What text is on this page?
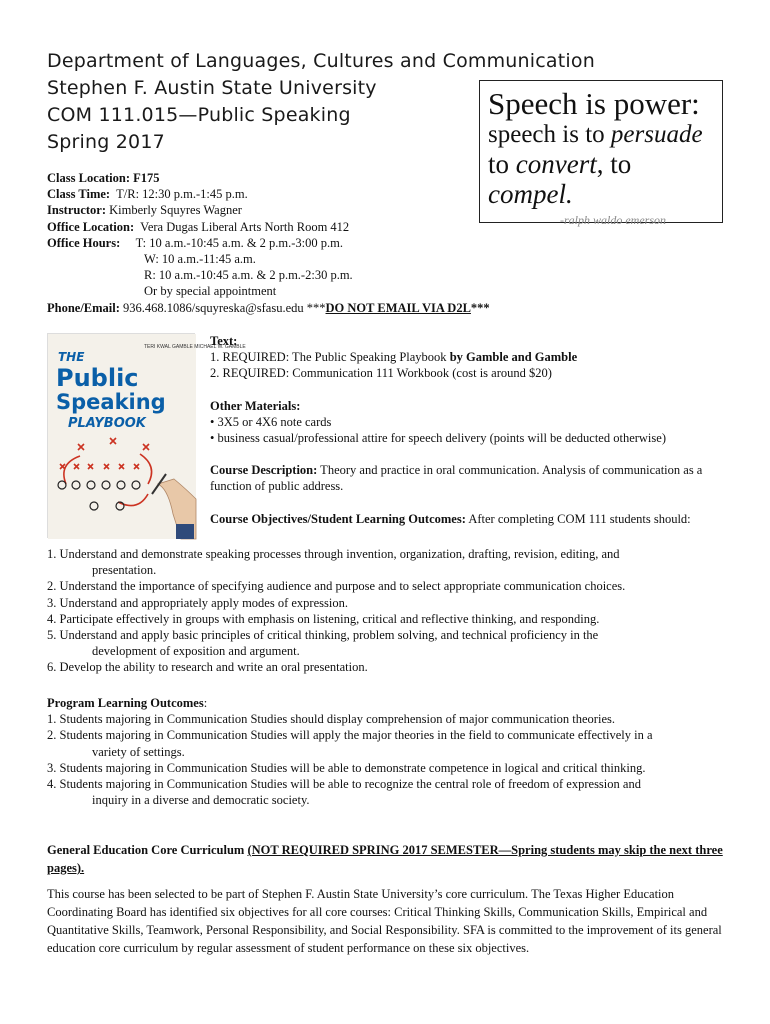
Department of Languages, Cultures and Communication
Stephen F. Austin State University
COM 111.015—Public Speaking
Spring 2017
Speech is power:
speech is to persuade
to convert, to compel.
-ralph waldo emerson
Class Location: F175
Class Time: T/R: 12:30 p.m.-1:45 p.m.
Instructor: Kimberly Squyres Wagner
Office Location: Vera Dugas Liberal Arts North Room 412
Office Hours: T: 10 a.m.-10:45 a.m. & 2 p.m.-3:00 p.m.
W: 10 a.m.-11:45 a.m.
R: 10 a.m.-10:45 a.m. & 2 p.m.-2:30 p.m.
Or by special appointment
Phone/Email: 936.468.1086/squyreska@sfasu.edu ***DO NOT EMAIL VIA D2L***
TERI KWAL GAMBLE MICHAEL W. GAMBLE
THE
Public
Speaking
PLAYBOOK
Text:
1. REQUIRED: The Public Speaking Playbook by Gamble and Gamble
2. REQUIRED: Communication 111 Workbook (cost is around $20)
Other Materials:
• 3X5 or 4X6 note cards
• business casual/professional attire for speech delivery (points will be deducted otherwise)
Course Description: Theory and practice in oral communication. Analysis of communication as a function of public address.
Course Objectives/Student Learning Outcomes: After completing COM 111 students should:
1. Understand and demonstrate speaking processes through invention, organization, drafting, revision, editing, and
presentation.
2. Understand the importance of specifying audience and purpose and to select appropriate communication choices.
3. Understand and appropriately apply modes of expression.
4. Participate effectively in groups with emphasis on listening, critical and reflective thinking, and responding.
5. Understand and apply basic principles of critical thinking, problem solving, and technical proficiency in the
development of exposition and argument.
6. Develop the ability to research and write an oral presentation.
Program Learning Outcomes:
1. Students majoring in Communication Studies should display comprehension of major communication theories.
2. Students majoring in Communication Studies will apply the major theories in the field to communicate effectively in a
variety of settings.
3. Students majoring in Communication Studies will be able to demonstrate competence in logical and critical thinking.
4. Students majoring in Communication Studies will be able to recognize the central role of freedom of expression and
inquiry in a diverse and democratic society.
General Education Core Curriculum (NOT REQUIRED SPRING 2017 SEMESTER—Spring students may skip the next three pages).
This course has been selected to be part of Stephen F. Austin State University’s core curriculum. The Texas Higher Education Coordinating Board has identified six objectives for all core courses: Critical Thinking Skills, Communication Skills, Empirical and Quantitative Skills, Teamwork, Personal Responsibility, and Social Responsibility. SFA is committed to the improvement of its general education core curriculum by regular assessment of student performance on these six objectives.
